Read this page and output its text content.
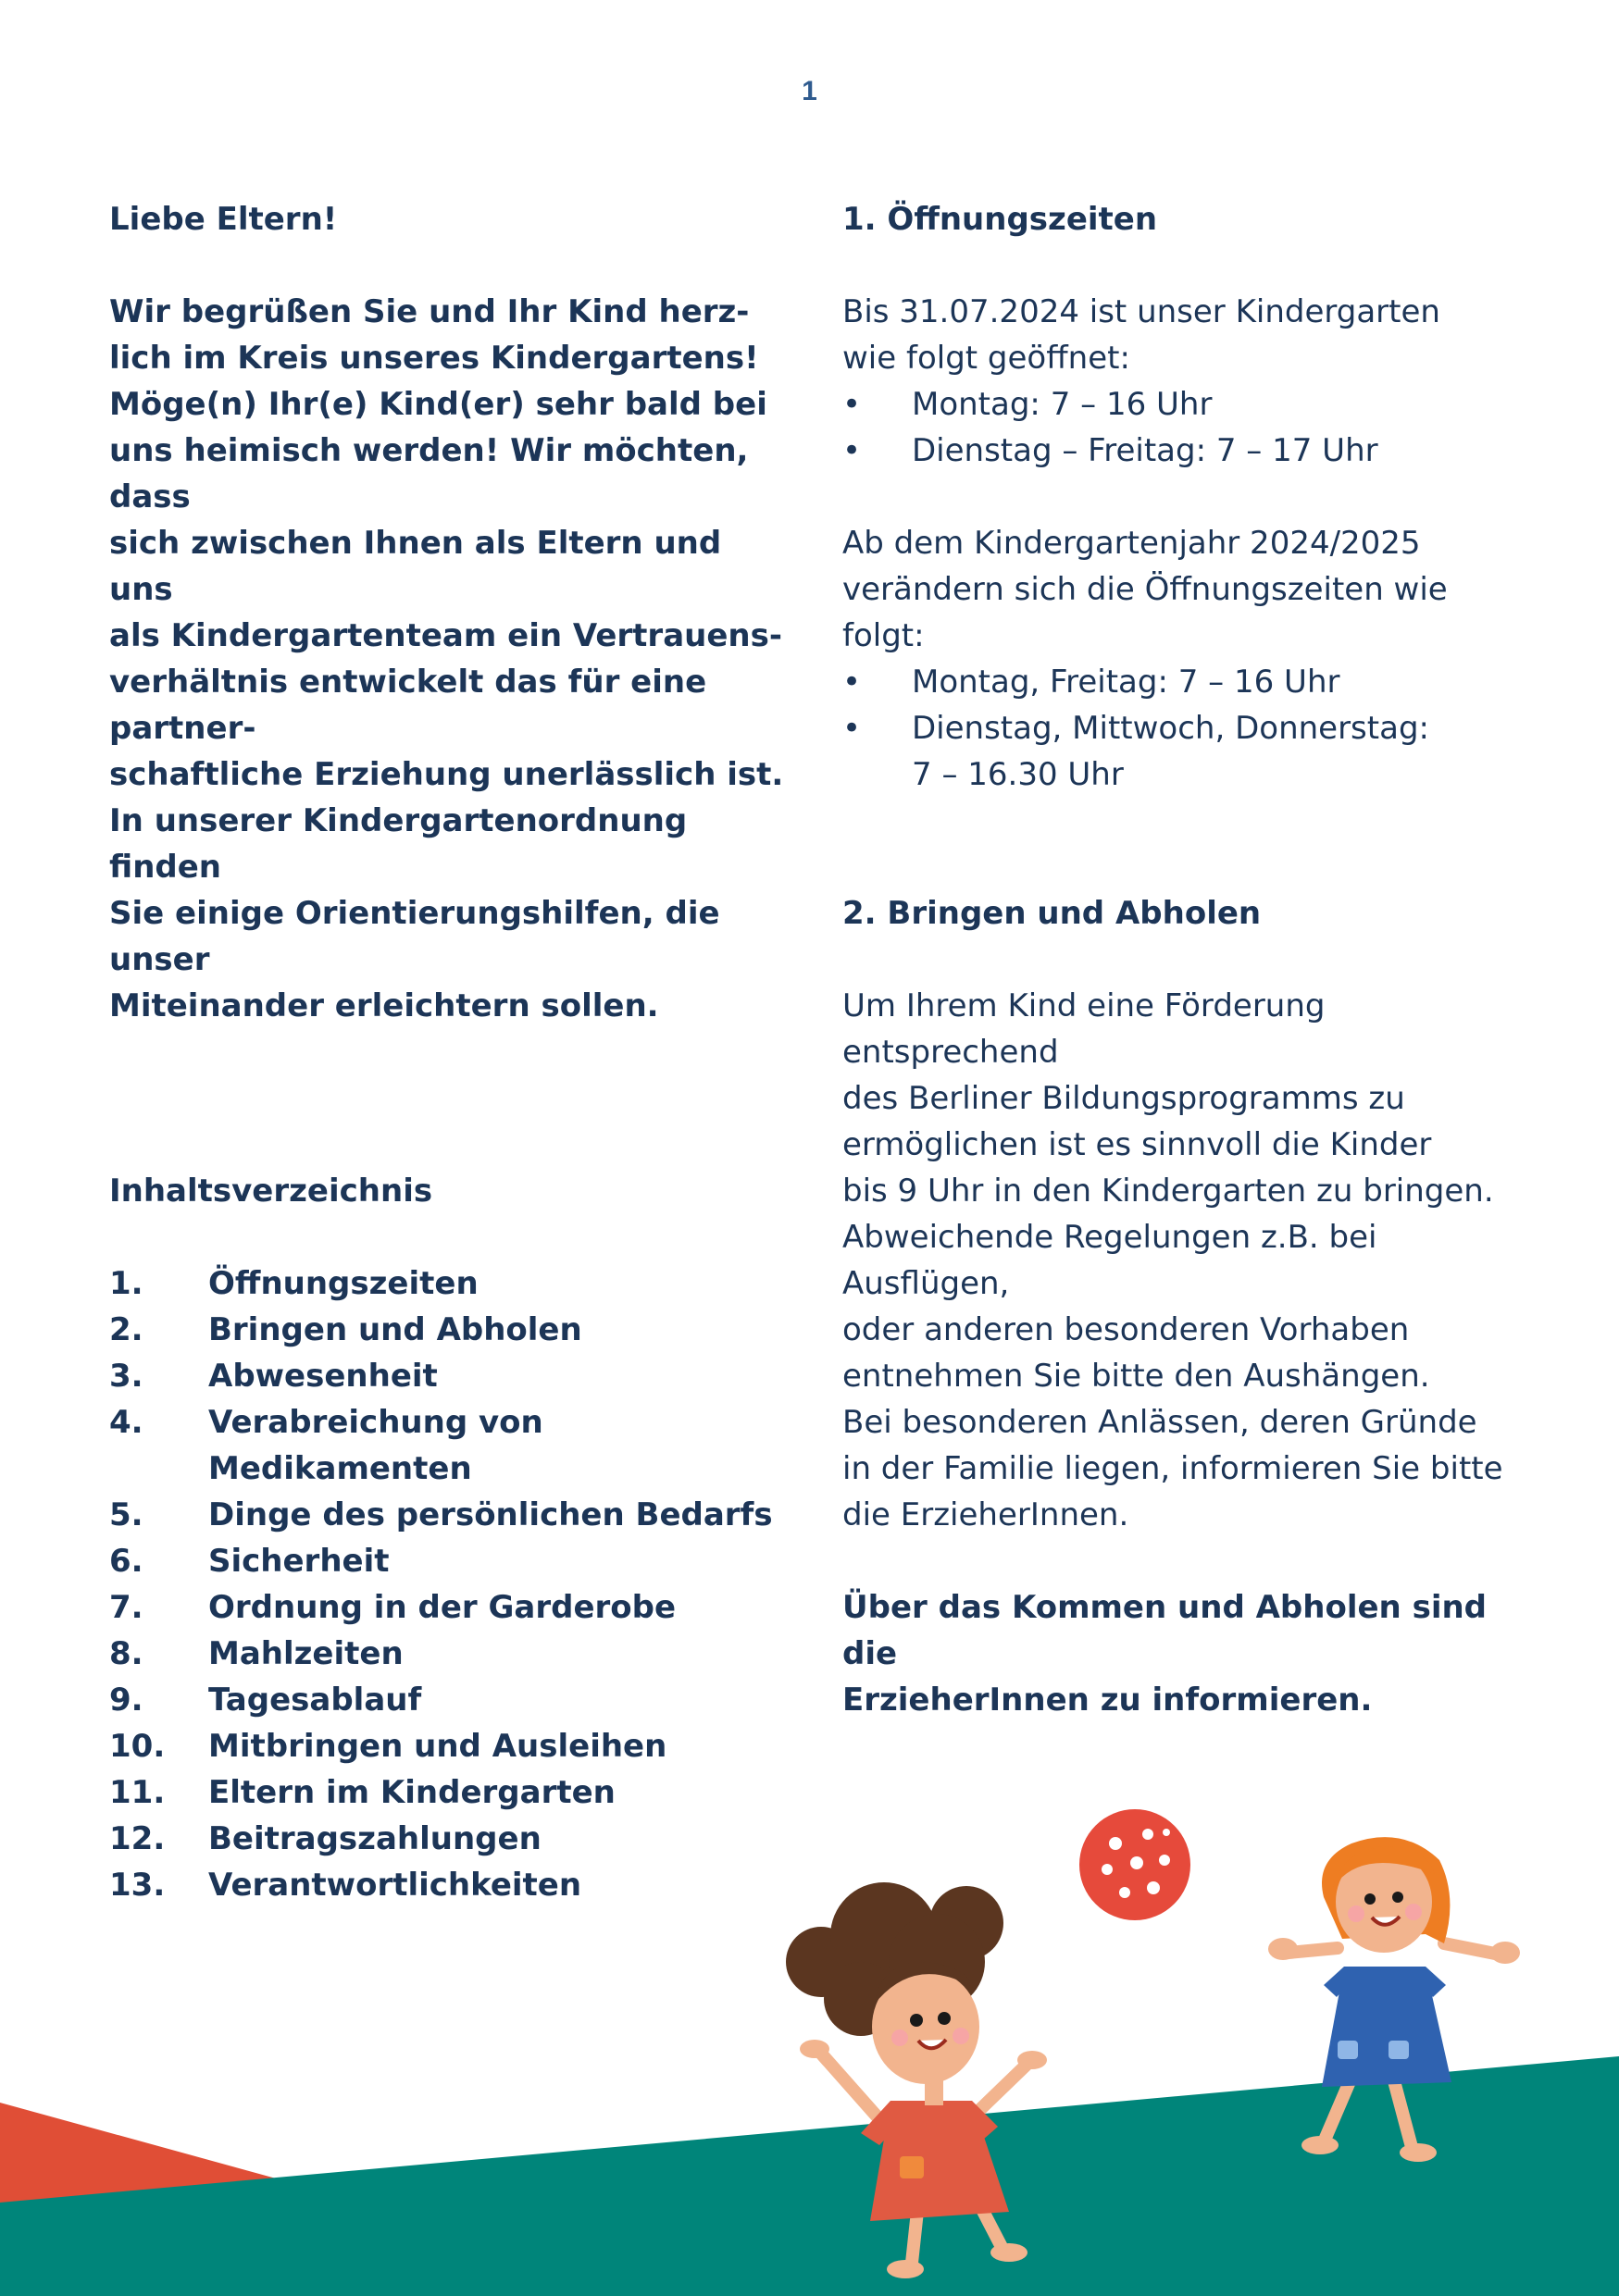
1

Liebe Eltern!

Wir begrüßen Sie und Ihr Kind herz-

lich im Kreis unseres Kindergartens!

Möge(n) Ihr(e) Kind(er) sehr bald bei

uns heimisch werden! Wir möchten, dass

sich zwischen Ihnen als Eltern und uns

als Kindergartenteam ein Vertrauens-

verhältnis entwickelt das für eine partner-

schaftliche Erziehung unerlässlich ist.

In unserer Kindergartenordnung finden

Sie einige Orientierungshilfen, die unser

Miteinander erleichtern sollen.

Inhaltsverzeichnis

1.	Öffnungszeiten
2.	Bringen und Abholen
3.	Abwesenheit
4.	Verabreichung von Medikamenten
5.	Dinge des persönlichen Bedarfs
6.	Sicherheit
7.	Ordnung in der Garderobe
8.	Mahlzeiten
9.	Tagesablauf
10.	Mitbringen und Ausleihen
11.	Eltern im Kindergarten
12.	Beitragszahlungen
13.	Verantwortlichkeiten

1. Öffnungszeiten

Bis 31.07.2024 ist unser Kindergarten

wie folgt geöffnet:

•	Montag: 7 – 16 Uhr
•	Dienstag – Freitag: 7 – 17 Uhr

Ab dem Kindergartenjahr 2024/2025

verändern sich die Öffnungszeiten wie folgt:

•	Montag, Freitag: 7 – 16 Uhr
•	Dienstag, Mittwoch, Donnerstag:
7 – 16.30 Uhr

2. Bringen und Abholen

Um Ihrem Kind eine Förderung entsprechend

des Berliner Bildungsprogramms zu

ermöglichen ist es sinnvoll die Kinder

bis 9 Uhr in den Kindergarten zu bringen.

Abweichende Regelungen z.B. bei Ausflügen,

oder anderen besonderen Vorhaben

entnehmen Sie bitte den Aushängen.

Bei besonderen Anlässen, deren Gründe

in der Familie liegen, informieren Sie bitte

die ErzieherInnen.

Über das Kommen und Abholen sind die

ErzieherInnen zu informieren.
